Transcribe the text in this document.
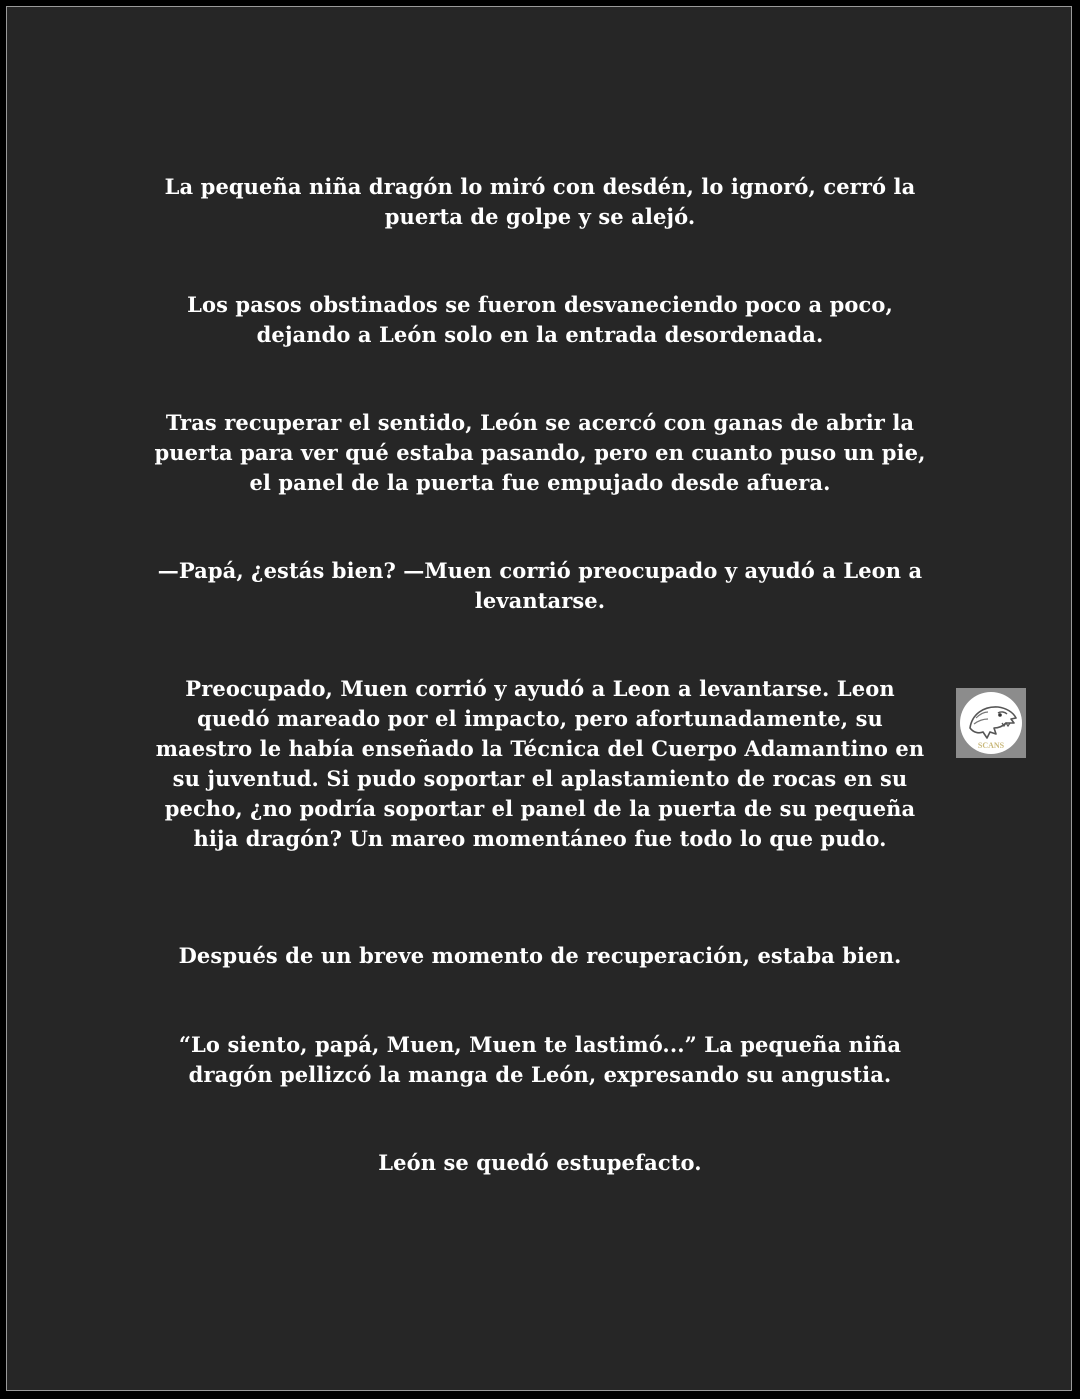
La pequeña niña dragón lo miró con desdén, lo ignoró, cerró la puerta de golpe y se alejó.

Los pasos obstinados se fueron desvaneciendo poco a poco, dejando a León solo en la entrada desordenada.

Tras recuperar el sentido, León se acercó con ganas de abrir la puerta para ver qué estaba pasando, pero en cuanto puso un pie, el panel de la puerta fue empujado desde afuera.

—Papá, ¿estás bien? —Muen corrió preocupado y ayudó a Leon a levantarse.

Preocupado, Muen corrió y ayudó a Leon a levantarse. Leon quedó mareado por el impacto, pero afortunadamente, su maestro le había enseñado la Técnica del Cuerpo Adamantino en su juventud. Si pudo soportar el aplastamiento de rocas en su pecho, ¿no podría soportar el panel de la puerta de su pequeña hija dragón? Un mareo momentáneo fue todo lo que pudo.

Después de un breve momento de recuperación, estaba bien.

“Lo siento, papá, Muen, Muen te lastimó...” La pequeña niña dragón pellizcó la manga de León, expresando su angustia.

León se quedó estupefacto.

SCANS
